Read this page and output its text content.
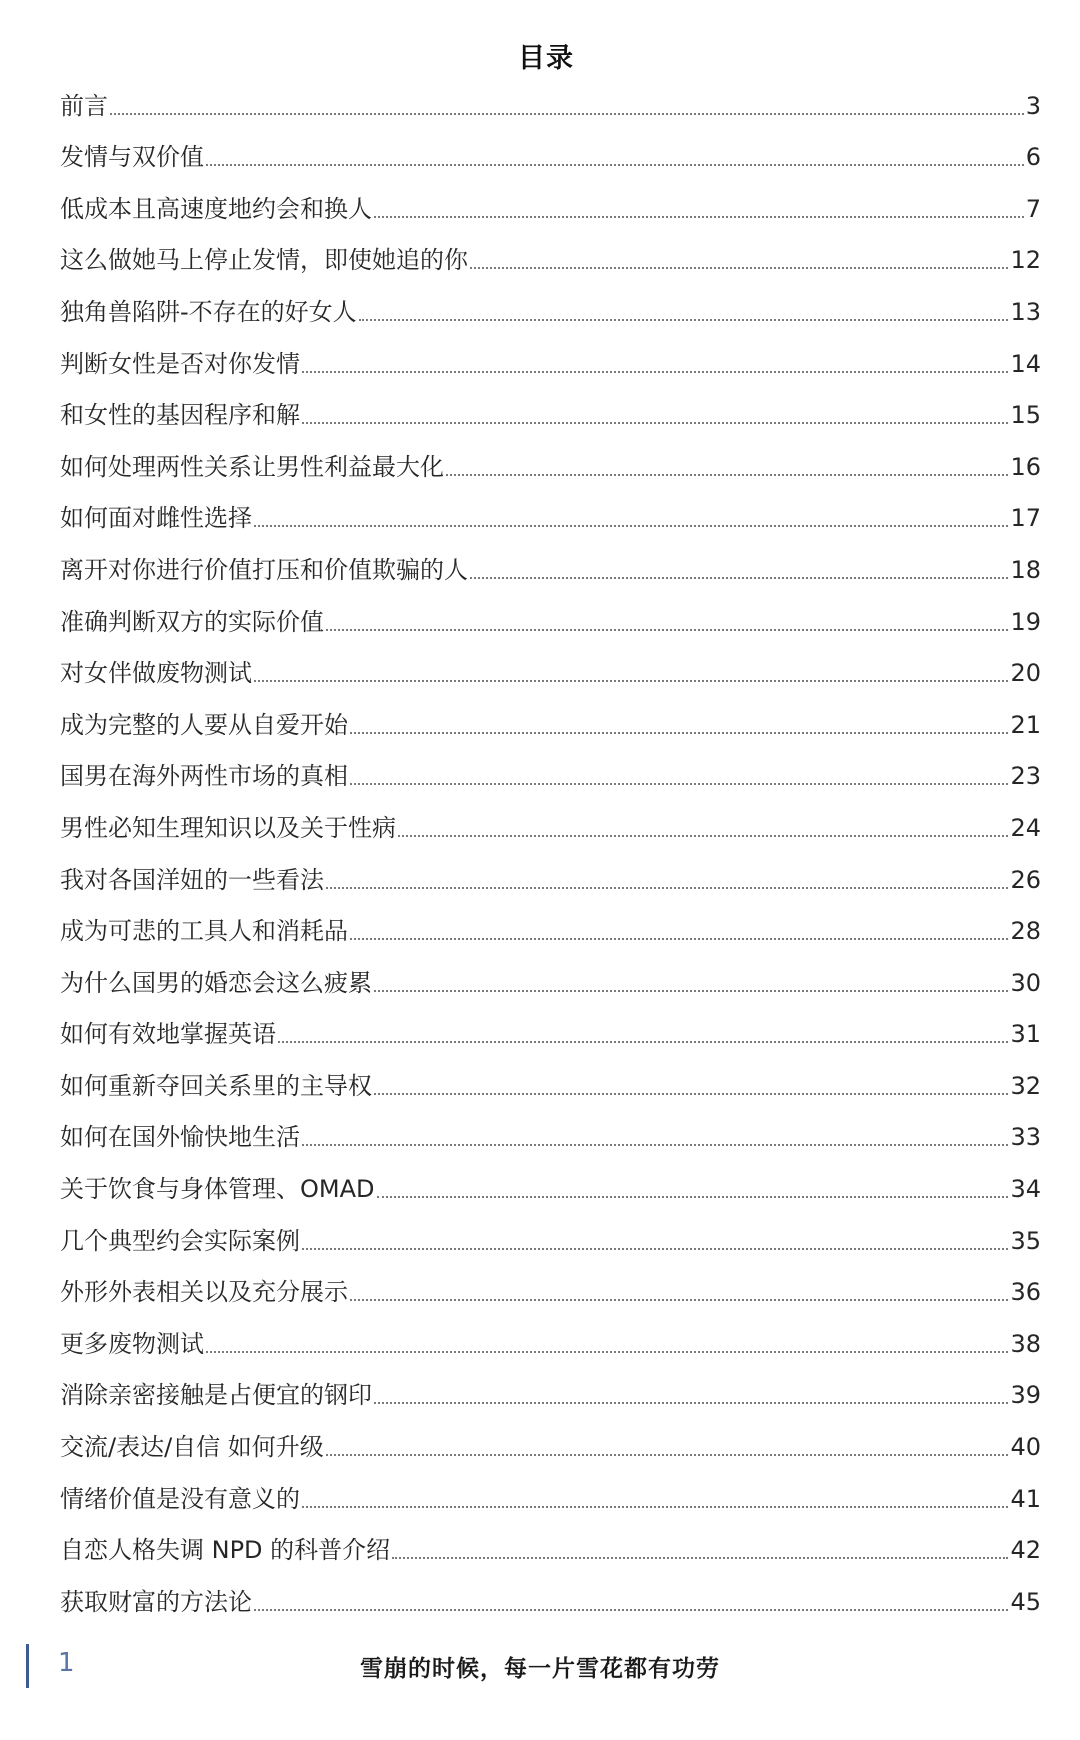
目录
前言	3
发情与双价值	6
低成本且高速度地约会和换人	7
这么做她马上停止发情，即使她追的你	12
独角兽陷阱-不存在的好女人	13
判断女性是否对你发情	14
和女性的基因程序和解	15
如何处理两性关系让男性利益最大化	16
如何面对雌性选择	17
离开对你进行价值打压和价值欺骗的人	18
准确判断双方的实际价值	19
对女伴做废物测试	20
成为完整的人要从自爱开始	21
国男在海外两性市场的真相	23
男性必知生理知识以及关于性病	24
我对各国洋妞的一些看法	26
成为可悲的工具人和消耗品	28
为什么国男的婚恋会这么疲累	30
如何有效地掌握英语	31
如何重新夺回关系里的主导权	32
如何在国外愉快地生活	33
关于饮食与身体管理、OMAD	34
几个典型约会实际案例	35
外形外表相关以及充分展示	36
更多废物测试	38
消除亲密接触是占便宜的钢印	39
交流/表达/自信 如何升级	40
情绪价值是没有意义的	41
自恋人格失调 NPD 的科普介绍	42
获取财富的方法论	45
1	雪崩的时候，每一片雪花都有功劳
